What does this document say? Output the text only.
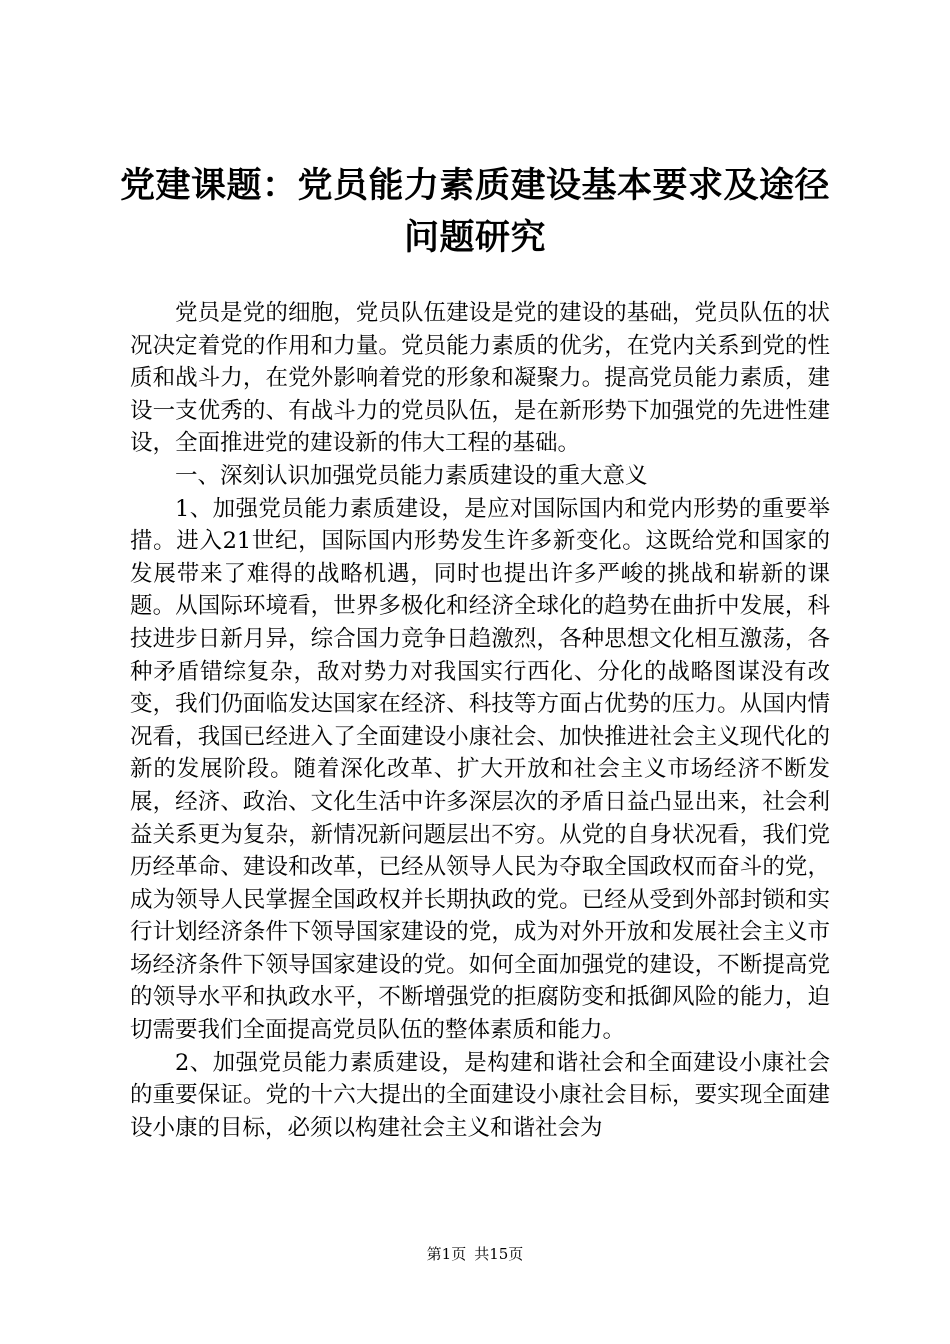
党建课题：党员能力素质建设基本要求及途径
问题研究

党员是党的细胞，党员队伍建设是党的建设的基础，党员队伍的状况决定着党的作用和力量。党员能力素质的优劣，在党内关系到党的性质和战斗力，在党外影响着党的形象和凝聚力。提高党员能力素质，建设一支优秀的、有战斗力的党员队伍，是在新形势下加强党的先进性建设，全面推进党的建设新的伟大工程的基础。

一、深刻认识加强党员能力素质建设的重大意义

1、加强党员能力素质建设，是应对国际国内和党内形势的重要举措。进入21世纪，国际国内形势发生许多新变化。这既给党和国家的发展带来了难得的战略机遇，同时也提出许多严峻的挑战和崭新的课题。从国际环境看，世界多极化和经济全球化的趋势在曲折中发展，科技进步日新月异，综合国力竞争日趋激烈，各种思想文化相互激荡，各种矛盾错综复杂，敌对势力对我国实行西化、分化的战略图谋没有改变，我们仍面临发达国家在经济、科技等方面占优势的压力。从国内情况看，我国已经进入了全面建设小康社会、加快推进社会主义现代化的新的发展阶段。随着深化改革、扩大开放和社会主义市场经济不断发展，经济、政治、文化生活中许多深层次的矛盾日益凸显出来，社会利益关系更为复杂，新情况新问题层出不穷。从党的自身状况看，我们党历经革命、建设和改革，已经从领导人民为夺取全国政权而奋斗的党，成为领导人民掌握全国政权并长期执政的党。已经从受到外部封锁和实行计划经济条件下领导国家建设的党，成为对外开放和发展社会主义市场经济条件下领导国家建设的党。如何全面加强党的建设，不断提高党的领导水平和执政水平，不断增强党的拒腐防变和抵御风险的能力，迫切需要我们全面提高党员队伍的整体素质和能力。

2、加强党员能力素质建设，是构建和谐社会和全面建设小康社会的重要保证。党的十六大提出的全面建设小康社会目标，要实现全面建设小康的目标，必须以构建社会主义和谐社会为

第1页 共15页
